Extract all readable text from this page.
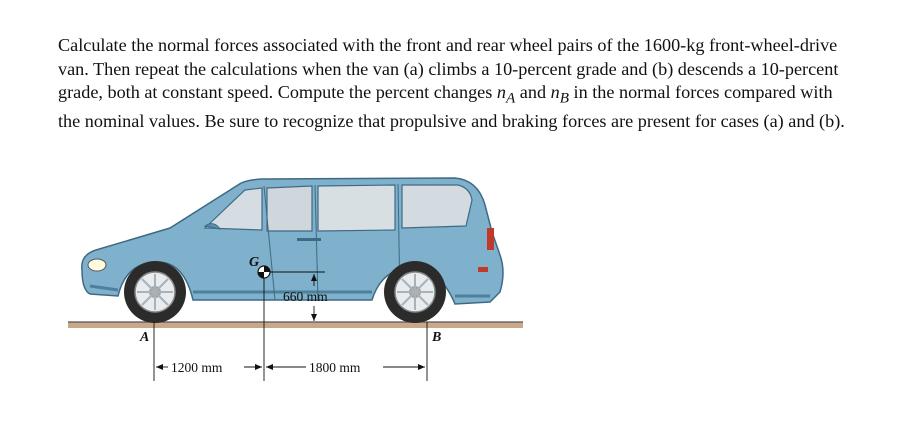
Calculate the normal forces associated with the front and rear wheel pairs of the 1600-kg front-wheel-drive van. Then repeat the calculations when the van (a) climbs a 10-percent grade and (b) descends a 10-percent grade, both at constant speed. Compute the percent changes $n_A$ and $n_B$ in the normal forces compared with the nominal values. Be sure to recognize that propulsive and braking forces are present for cases (a) and (b).

G
660 mm
A	B
1200 mm	1800 mm
